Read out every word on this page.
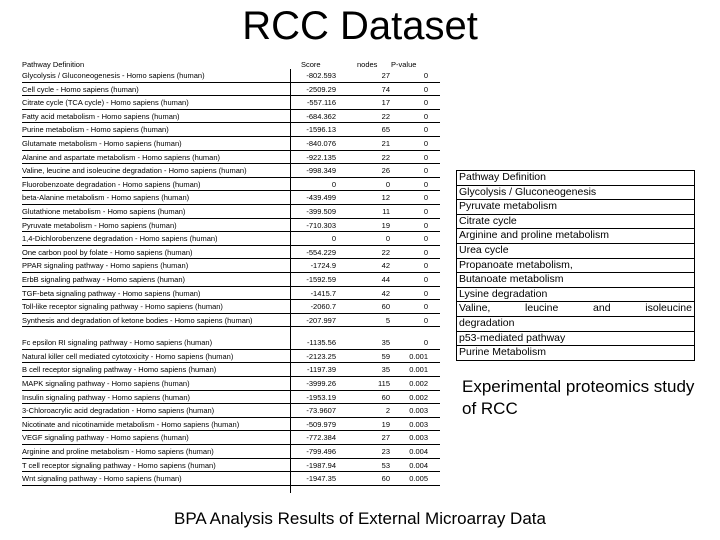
RCC Dataset
Pathway Definition	Score	nodes P-value
Glycolysis / Gluconeogenesis - Homo sapiens (human)	-802.593	27	0
Cell cycle - Homo sapiens (human)	-2509.29	74	0
Citrate cycle (TCA cycle) - Homo sapiens (human)	-557.116	17	0
Fatty acid metabolism - Homo sapiens (human)	-684.362	22	0
Purine metabolism - Homo sapiens (human)	-1596.13	65	0
Glutamate metabolism - Homo sapiens (human)	-840.076	21	0
Alanine and aspartate metabolism - Homo sapiens (human)	-922.135	22	0
Valine, leucine and isoleucine degradation - Homo sapiens (human)	-998.349	26	0
Fluorobenzoate degradation - Homo sapiens (human)	0	0	0
beta-Alanine metabolism - Homo sapiens (human)	-439.499	12	0
Glutathione metabolism - Homo sapiens (human)	-399.509	11	0
Pyruvate metabolism - Homo sapiens (human)	-710.303	19	0
1,4-Dichlorobenzene degradation - Homo sapiens (human)	0	0	0
One carbon pool by folate - Homo sapiens (human)	-554.229	22	0
PPAR signaling pathway - Homo sapiens (human)	-1724.9	42	0
ErbB signaling pathway - Homo sapiens (human)	-1592.59	44	0
TGF-beta signaling pathway - Homo sapiens (human)	-1415.7	42	0
Toll-like receptor signaling pathway - Homo sapiens (human)	-2060.7	60	0
Synthesis and degradation of ketone bodies - Homo sapiens (human)	-207.997	5	0
Fc epsilon RI signaling pathway - Homo sapiens (human)	-1135.56	35	0
Natural killer cell mediated cytotoxicity - Homo sapiens (human)	-2123.25	59	0.001
B cell receptor signaling pathway - Homo sapiens (human)	-1197.39	35	0.001
MAPK signaling pathway - Homo sapiens (human)	-3999.26	115	0.002
Insulin signaling pathway - Homo sapiens (human)	-1953.19	60	0.002
3-Chloroacrylic acid degradation - Homo sapiens (human)	-73.9607	2	0.003
Nicotinate and nicotinamide metabolism - Homo sapiens (human)	-509.979	19	0.003
VEGF signaling pathway - Homo sapiens (human)	-772.384	27	0.003
Arginine and proline metabolism - Homo sapiens (human)	-799.496	23	0.004
T cell receptor signaling pathway - Homo sapiens (human)	-1987.94	53	0.004
Wnt signaling pathway - Homo sapiens (human)	-1947.35	60	0.005
Pathway Definition
Glycolysis / Gluconeogenesis
Pyruvate metabolism
Citrate cycle
Arginine and proline metabolism
Urea cycle
Propanoate metabolism,
Butanoate metabolism
Lysine degradation
Valine, leucine and isoleucine
degradation
p53-mediated pathway
Purine Metabolism
Experimental proteomics study of RCC
BPA Analysis Results of External Microarray Data
